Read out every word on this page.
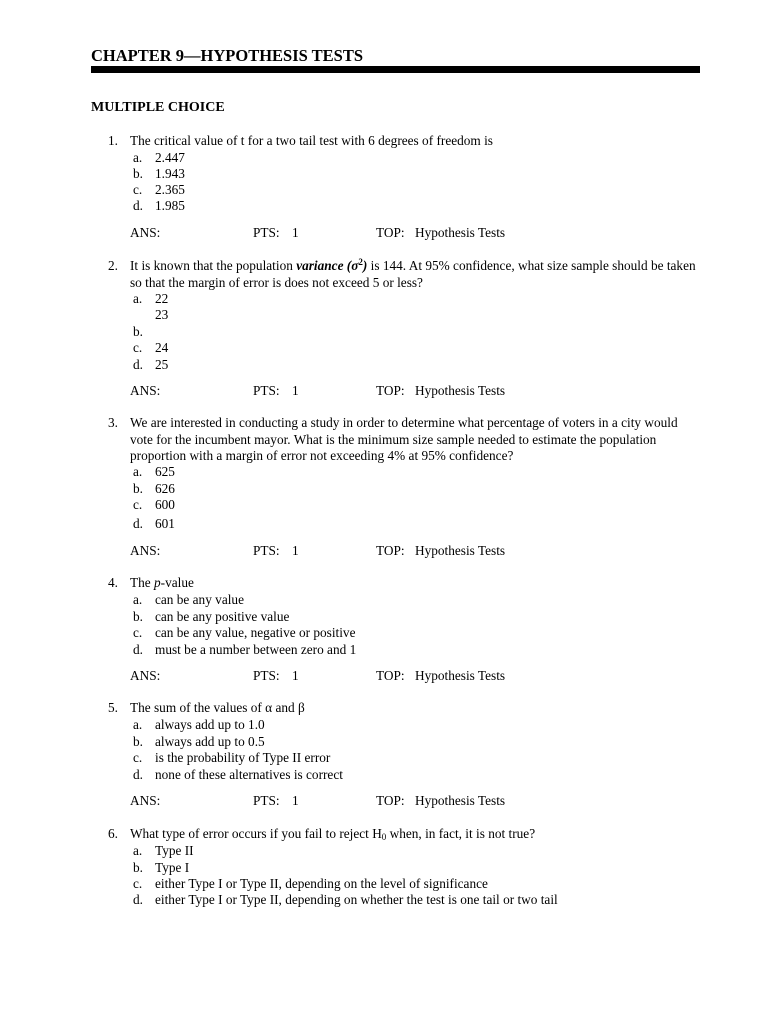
CHAPTER 9—HYPOTHESIS TESTS
MULTIPLE CHOICE
1. The critical value of t for a two tail test with 6 degrees of freedom is
a. 2.447
b. 1.943
c. 2.365
d. 1.985
ANS:	PTS: 1	TOP: Hypothesis Tests
2. It is known that the population variance $(\sigma^2)$ is 144. At 95% confidence, what size sample should be taken so that the margin of error is does not exceed 5 or less?
a. 22
23
b.
c. 24
d. 25
ANS:	PTS: 1	TOP: Hypothesis Tests
3. We are interested in conducting a study in order to determine what percentage of voters in a city would vote for the incumbent mayor. What is the minimum size sample needed to estimate the population proportion with a margin of error not exceeding 4% at 95% confidence?
a. 625
b. 626
c. 600
d. 601
ANS:	PTS: 1	TOP: Hypothesis Tests
4. The p-value
a. can be any value
b. can be any positive value
c. can be any value, negative or positive
d. must be a number between zero and 1
ANS:	PTS: 1	TOP: Hypothesis Tests
5. The sum of the values of α and β
a. always add up to 1.0
b. always add up to 0.5
c. is the probability of Type II error
d. none of these alternatives is correct
ANS:	PTS: 1	TOP: Hypothesis Tests
6. What type of error occurs if you fail to reject $H_0$ when, in fact, it is not true?
a. Type II
b. Type I
c. either Type I or Type II, depending on the level of significance
d. either Type I or Type II, depending on whether the test is one tail or two tail
